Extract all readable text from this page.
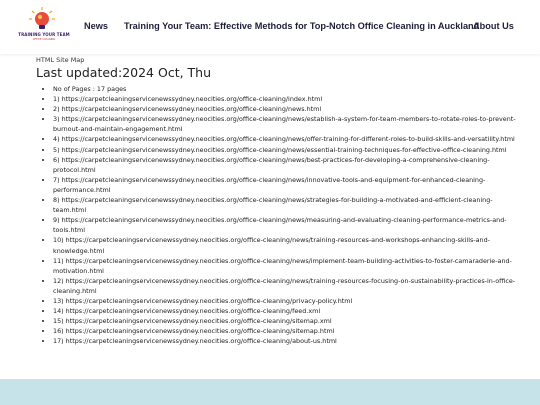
TRAINING YOUR TEAM
OFFICE CLEANING
News Training Your Team: Effective Methods for Top-Notch Office Cleaning in Auckland
About Us
HTML Site Map
Last updated:2024 Oct, Thu
• No of Pages : 17 pages
• 1) https://carpetcleaningservicenewssydney.neocities.org/office-cleaning/index.html
• 2) https://carpetcleaningservicenewssydney.neocities.org/office-cleaning/news.html
• 3) https://carpetcleaningservicenewssydney.neocities.org/office-cleaning/news/establish-a-system-for-team-members-to-rotate-roles-to-prevent-burnout-and-maintain-engagement.html
• 4) https://carpetcleaningservicenewssydney.neocities.org/office-cleaning/news/offer-training-for-different-roles-to-build-skills-and-versatility.html
• 5) https://carpetcleaningservicenewssydney.neocities.org/office-cleaning/news/essential-training-techniques-for-effective-office-cleaning.html
• 6) https://carpetcleaningservicenewssydney.neocities.org/office-cleaning/news/best-practices-for-developing-a-comprehensive-cleaning-protocol.html
• 7) https://carpetcleaningservicenewssydney.neocities.org/office-cleaning/news/innovative-tools-and-equipment-for-enhanced-cleaning-performance.html
• 8) https://carpetcleaningservicenewssydney.neocities.org/office-cleaning/news/strategies-for-building-a-motivated-and-efficient-cleaning-team.html
• 9) https://carpetcleaningservicenewssydney.neocities.org/office-cleaning/news/measuring-and-evaluating-cleaning-performance-metrics-and-tools.html
• 10) https://carpetcleaningservicenewssydney.neocities.org/office-cleaning/news/training-resources-and-workshops-enhancing-skills-and-knowledge.html
• 11) https://carpetcleaningservicenewssydney.neocities.org/office-cleaning/news/implement-team-building-activities-to-foster-camaraderie-and-motivation.html
• 12) https://carpetcleaningservicenewssydney.neocities.org/office-cleaning/news/training-resources-focusing-on-sustainability-practices-in-office-cleaning.html
• 13) https://carpetcleaningservicenewssydney.neocities.org/office-cleaning/privacy-policy.html
• 14) https://carpetcleaningservicenewssydney.neocities.org/office-cleaning/feed.xml
• 15) https://carpetcleaningservicenewssydney.neocities.org/office-cleaning/sitemap.xml
• 16) https://carpetcleaningservicenewssydney.neocities.org/office-cleaning/sitemap.html
• 17) https://carpetcleaningservicenewssydney.neocities.org/office-cleaning/about-us.html
